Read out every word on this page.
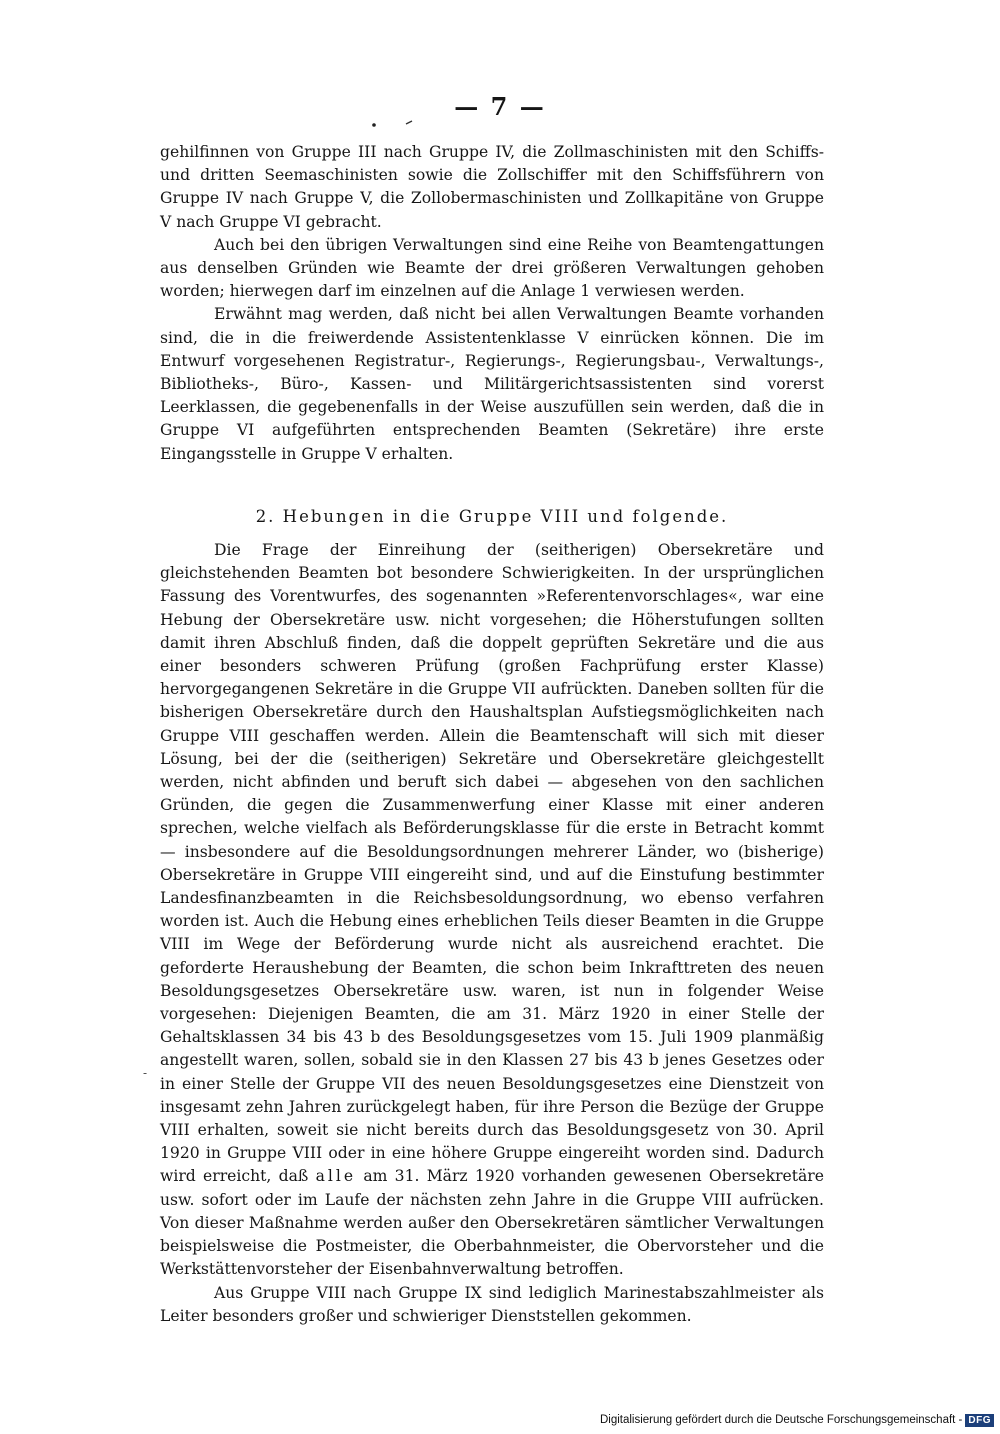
— 7 —

gehilfinnen von Gruppe III nach Gruppe IV, die Zollmaschinisten mit den Schiffs- und dritten Seemaschinisten sowie die Zollschiffer mit den Schiffsführern von Gruppe IV nach Gruppe V, die Zollobermaschinisten und Zollkapitäne von Gruppe V nach Gruppe VI gebracht.

Auch bei den übrigen Verwaltungen sind eine Reihe von Beamtengattungen aus denselben Gründen wie Beamte der drei größeren Verwaltungen gehoben worden; hierwegen darf im einzelnen auf die Anlage 1 verwiesen werden.

Erwähnt mag werden, daß nicht bei allen Verwaltungen Beamte vorhanden sind, die in die freiwerdende Assistentenklasse V einrücken können. Die im Entwurf vorgesehenen Registratur-, Regierungs-, Regierungsbau-, Verwaltungs-, Bibliotheks-, Büro-, Kassen- und Militärgerichtsassistenten sind vorerst Leerklassen, die gegebenenfalls in der Weise auszufüllen sein werden, daß die in Gruppe VI aufgeführten entsprechenden Beamten (Sekretäre) ihre erste Eingangsstelle in Gruppe V erhalten.

2. Hebungen in die Gruppe VIII und folgende.

Die Frage der Einreihung der (seitherigen) Obersekretäre und gleichstehenden Beamten bot besondere Schwierigkeiten. In der ursprünglichen Fassung des Vorentwurfes, des sogenannten »Referentenvorschlages«, war eine Hebung der Obersekretäre usw. nicht vorgesehen; die Höherstufungen sollten damit ihren Abschluß finden, daß die doppelt geprüften Sekretäre und die aus einer besonders schweren Prüfung (großen Fachprüfung erster Klasse) hervorgegangenen Sekretäre in die Gruppe VII aufrückten. Daneben sollten für die bisherigen Obersekretäre durch den Haushaltsplan Aufstiegsmöglichkeiten nach Gruppe VIII geschaffen werden. Allein die Beamtenschaft will sich mit dieser Lösung, bei der die (seitherigen) Sekretäre und Obersekretäre gleichgestellt werden, nicht abfinden und beruft sich dabei — abgesehen von den sachlichen Gründen, die gegen die Zusammenwerfung einer Klasse mit einer anderen sprechen, welche vielfach als Beförderungsklasse für die erste in Betracht kommt — insbesondere auf die Besoldungsordnungen mehrerer Länder, wo (bisherige) Obersekretäre in Gruppe VIII eingereiht sind, und auf die Einstufung bestimmter Landesfinanzbeamten in die Reichsbesoldungsordnung, wo ebenso verfahren worden ist. Auch die Hebung eines erheblichen Teils dieser Beamten in die Gruppe VIII im Wege der Beförderung wurde nicht als ausreichend erachtet. Die geforderte Heraushebung der Beamten, die schon beim Inkrafttreten des neuen Besoldungsgesetzes Obersekretäre usw. waren, ist nun in folgender Weise vorgesehen: Diejenigen Beamten, die am 31. März 1920 in einer Stelle der Gehaltsklassen 34 bis 43 b des Besoldungsgesetzes vom 15. Juli 1909 planmäßig angestellt waren, sollen, sobald sie in den Klassen 27 bis 43 b jenes Gesetzes oder in einer Stelle der Gruppe VII des neuen Besoldungsgesetzes eine Dienstzeit von insgesamt zehn Jahren zurückgelegt haben, für ihre Person die Bezüge der Gruppe VIII erhalten, soweit sie nicht bereits durch das Besoldungsgesetz von 30. April 1920 in Gruppe VIII oder in eine höhere Gruppe eingereiht worden sind. Dadurch wird erreicht, daß alle am 31. März 1920 vorhanden gewesenen Obersekretäre usw. sofort oder im Laufe der nächsten zehn Jahre in die Gruppe VIII aufrücken. Von dieser Maßnahme werden außer den Obersekretären sämtlicher Verwaltungen beispielsweise die Postmeister, die Oberbahnmeister, die Obervorsteher und die Werkstättenvorsteher der Eisenbahnverwaltung betroffen.

Aus Gruppe VIII nach Gruppe IX sind lediglich Marinestabszahlmeister als Leiter besonders großer und schwieriger Dienststellen gekommen.

-
Digitalisierung gefördert durch die Deutsche Forschungsgemeinschaft - DFG
